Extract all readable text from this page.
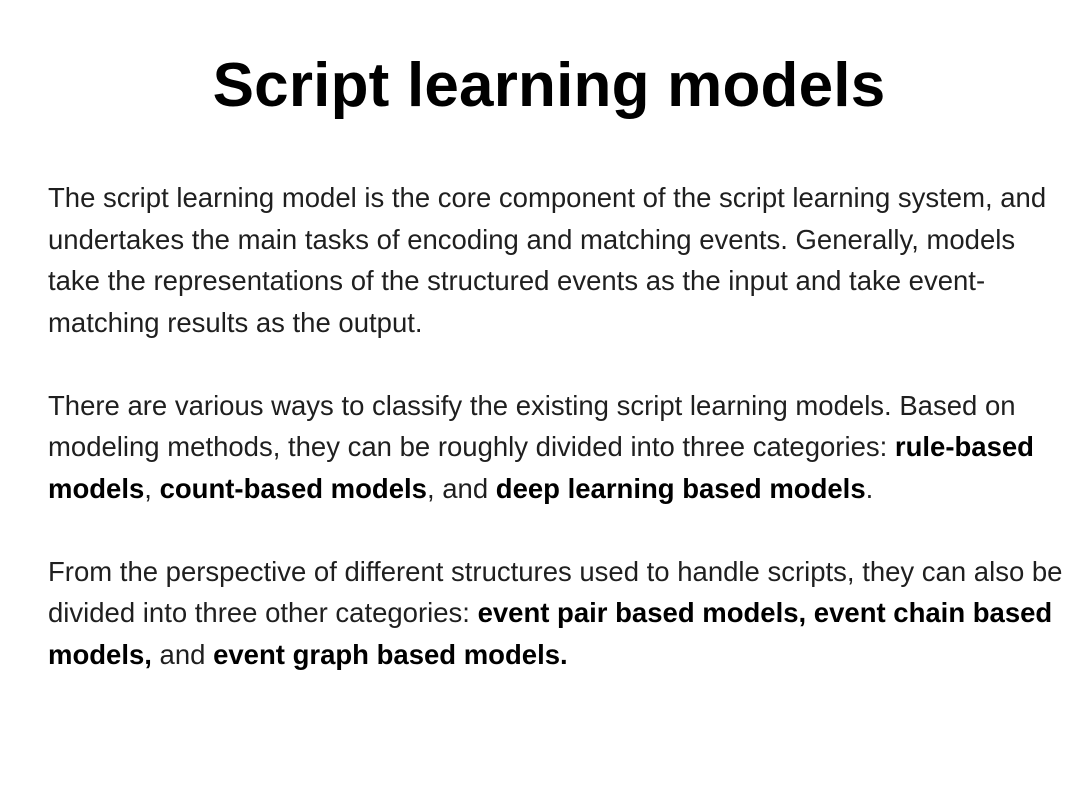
Script learning models

The script learning model is the core component of the script learning system, and undertakes the main tasks of encoding and matching events. Generally, models take the representations of the structured events as the input and take event-matching results as the output.

There are various ways to classify the existing script learning models. Based on modeling methods, they can be roughly divided into three categories: rule-based models, count-based models, and deep learning based models.

From the perspective of different structures used to handle scripts, they can also be divided into three other categories: event pair based models, event chain based models, and event graph based models.
